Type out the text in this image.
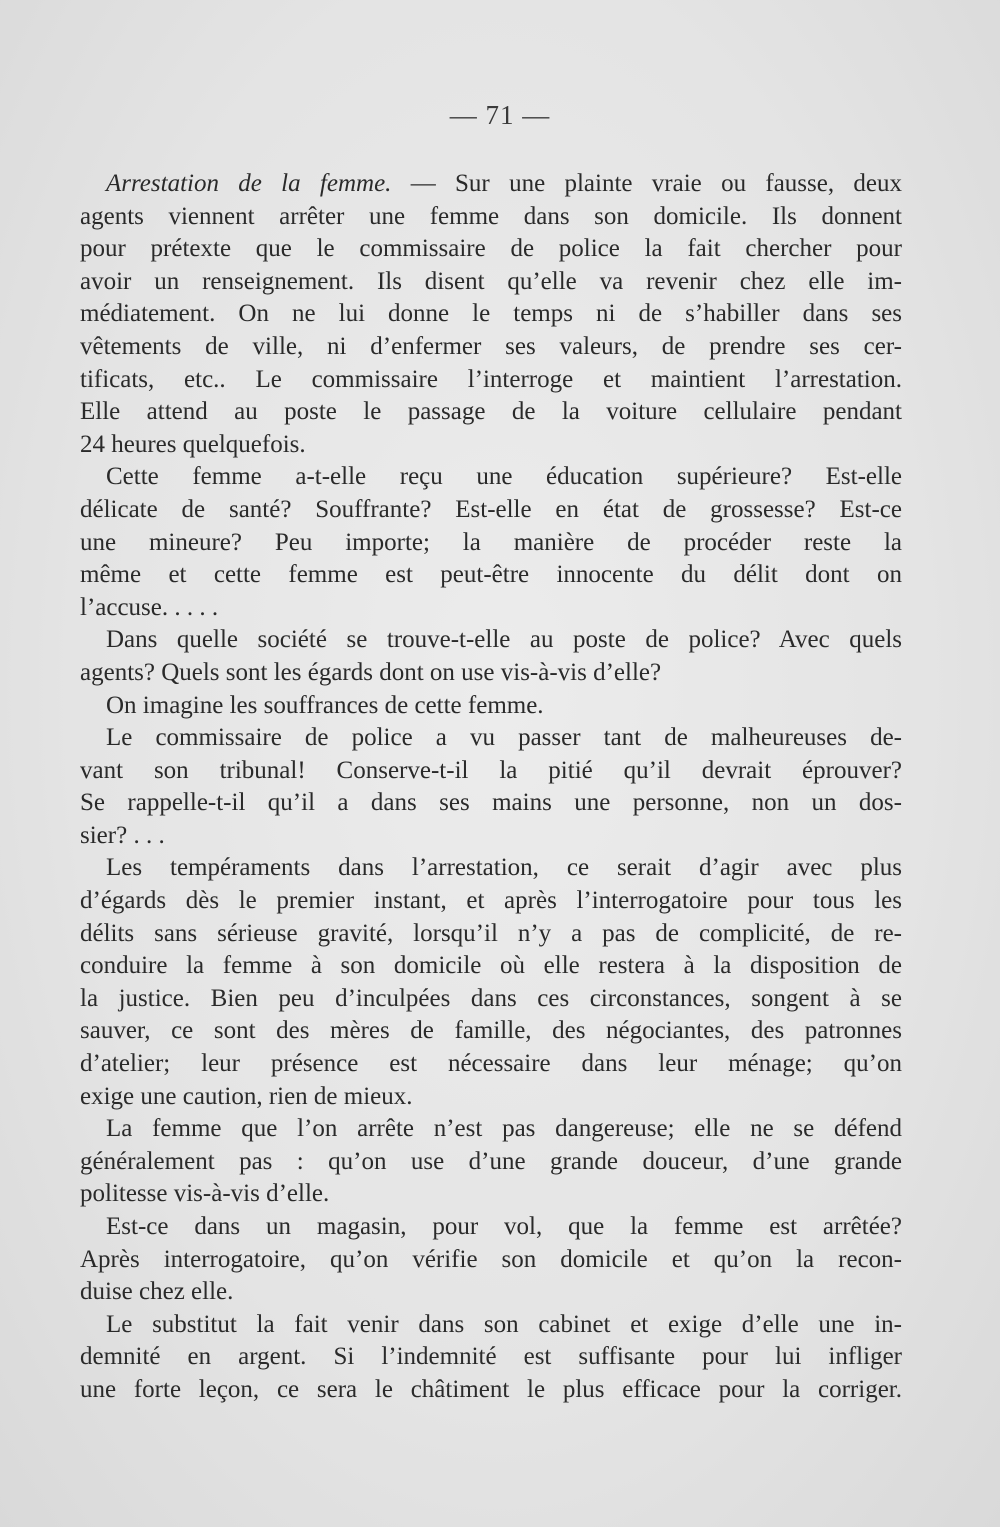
— 71 —
Arrestation de la femme. — Sur une plainte vraie ou fausse, deux
agents viennent arrêter une femme dans son domicile. Ils donnent
pour prétexte que le commissaire de police la fait chercher pour
avoir un renseignement. Ils disent qu’elle va revenir chez elle im-
médiatement. On ne lui donne le temps ni de s’habiller dans ses
vêtements de ville, ni d’enfermer ses valeurs, de prendre ses cer-
tificats, etc.. Le commissaire l’interroge et maintient l’arrestation.
Elle attend au poste le passage de la voiture cellulaire pendant
24 heures quelquefois.
Cette femme a-t-elle reçu une éducation supérieure? Est-elle
délicate de santé? Souffrante? Est-elle en état de grossesse? Est-ce
une mineure? Peu importe; la manière de procéder reste la
même et cette femme est peut-être innocente du délit dont on
l’accuse. . . . .
Dans quelle société se trouve-t-elle au poste de police? Avec quels
agents? Quels sont les égards dont on use vis-à-vis d’elle?
On imagine les souffrances de cette femme.
Le commissaire de police a vu passer tant de malheureuses de-
vant son tribunal! Conserve-t-il la pitié qu’il devrait éprouver?
Se rappelle-t-il qu’il a dans ses mains une personne, non un dos-
sier? . . .
Les tempéraments dans l’arrestation, ce serait d’agir avec plus
d’égards dès le premier instant, et après l’interrogatoire pour tous les
délits sans sérieuse gravité, lorsqu’il n’y a pas de complicité, de re-
conduire la femme à son domicile où elle restera à la disposition de
la justice. Bien peu d’inculpées dans ces circonstances, songent à se
sauver, ce sont des mères de famille, des négociantes, des patronnes
d’atelier; leur présence est nécessaire dans leur ménage; qu’on
exige une caution, rien de mieux.
La femme que l’on arrête n’est pas dangereuse; elle ne se défend
généralement pas : qu’on use d’une grande douceur, d’une grande
politesse vis-à-vis d’elle.
Est-ce dans un magasin, pour vol, que la femme est arrêtée?
Après interrogatoire, qu’on vérifie son domicile et qu’on la recon-
duise chez elle.
Le substitut la fait venir dans son cabinet et exige d’elle une in-
demnité en argent. Si l’indemnité est suffisante pour lui infliger
une forte leçon, ce sera le châtiment le plus efficace pour la corriger.
